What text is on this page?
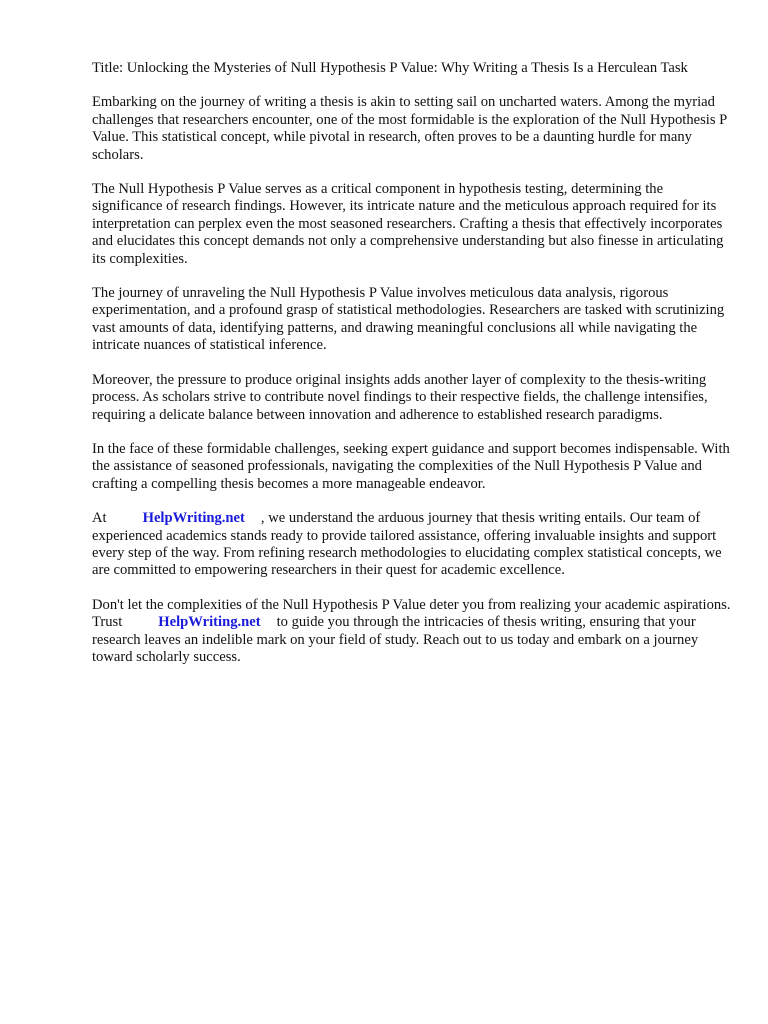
Title: Unlocking the Mysteries of Null Hypothesis P Value: Why Writing a Thesis Is a Herculean Task

Embarking on the journey of writing a thesis is akin to setting sail on uncharted waters. Among the myriad challenges that researchers encounter, one of the most formidable is the exploration of the Null Hypothesis P Value. This statistical concept, while pivotal in research, often proves to be a daunting hurdle for many scholars.

The Null Hypothesis P Value serves as a critical component in hypothesis testing, determining the significance of research findings. However, its intricate nature and the meticulous approach required for its interpretation can perplex even the most seasoned researchers. Crafting a thesis that effectively incorporates and elucidates this concept demands not only a comprehensive understanding but also finesse in articulating its complexities.

The journey of unraveling the Null Hypothesis P Value involves meticulous data analysis, rigorous experimentation, and a profound grasp of statistical methodologies. Researchers are tasked with scrutinizing vast amounts of data, identifying patterns, and drawing meaningful conclusions all while navigating the intricate nuances of statistical inference.

Moreover, the pressure to produce original insights adds another layer of complexity to the thesis-writing process. As scholars strive to contribute novel findings to their respective fields, the challenge intensifies, requiring a delicate balance between innovation and adherence to established research paradigms.

In the face of these formidable challenges, seeking expert guidance and support becomes indispensable. With the assistance of seasoned professionals, navigating the complexities of the Null Hypothesis P Value and crafting a compelling thesis becomes a more manageable endeavor.

At HelpWriting.net , we understand the arduous journey that thesis writing entails. Our team of experienced academics stands ready to provide tailored assistance, offering invaluable insights and support every step of the way. From refining research methodologies to elucidating complex statistical concepts, we are committed to empowering researchers in their quest for academic excellence.

Don't let the complexities of the Null Hypothesis P Value deter you from realizing your academic aspirations. Trust HelpWriting.net to guide you through the intricacies of thesis writing, ensuring that your research leaves an indelible mark on your field of study. Reach out to us today and embark on a journey toward scholarly success.
